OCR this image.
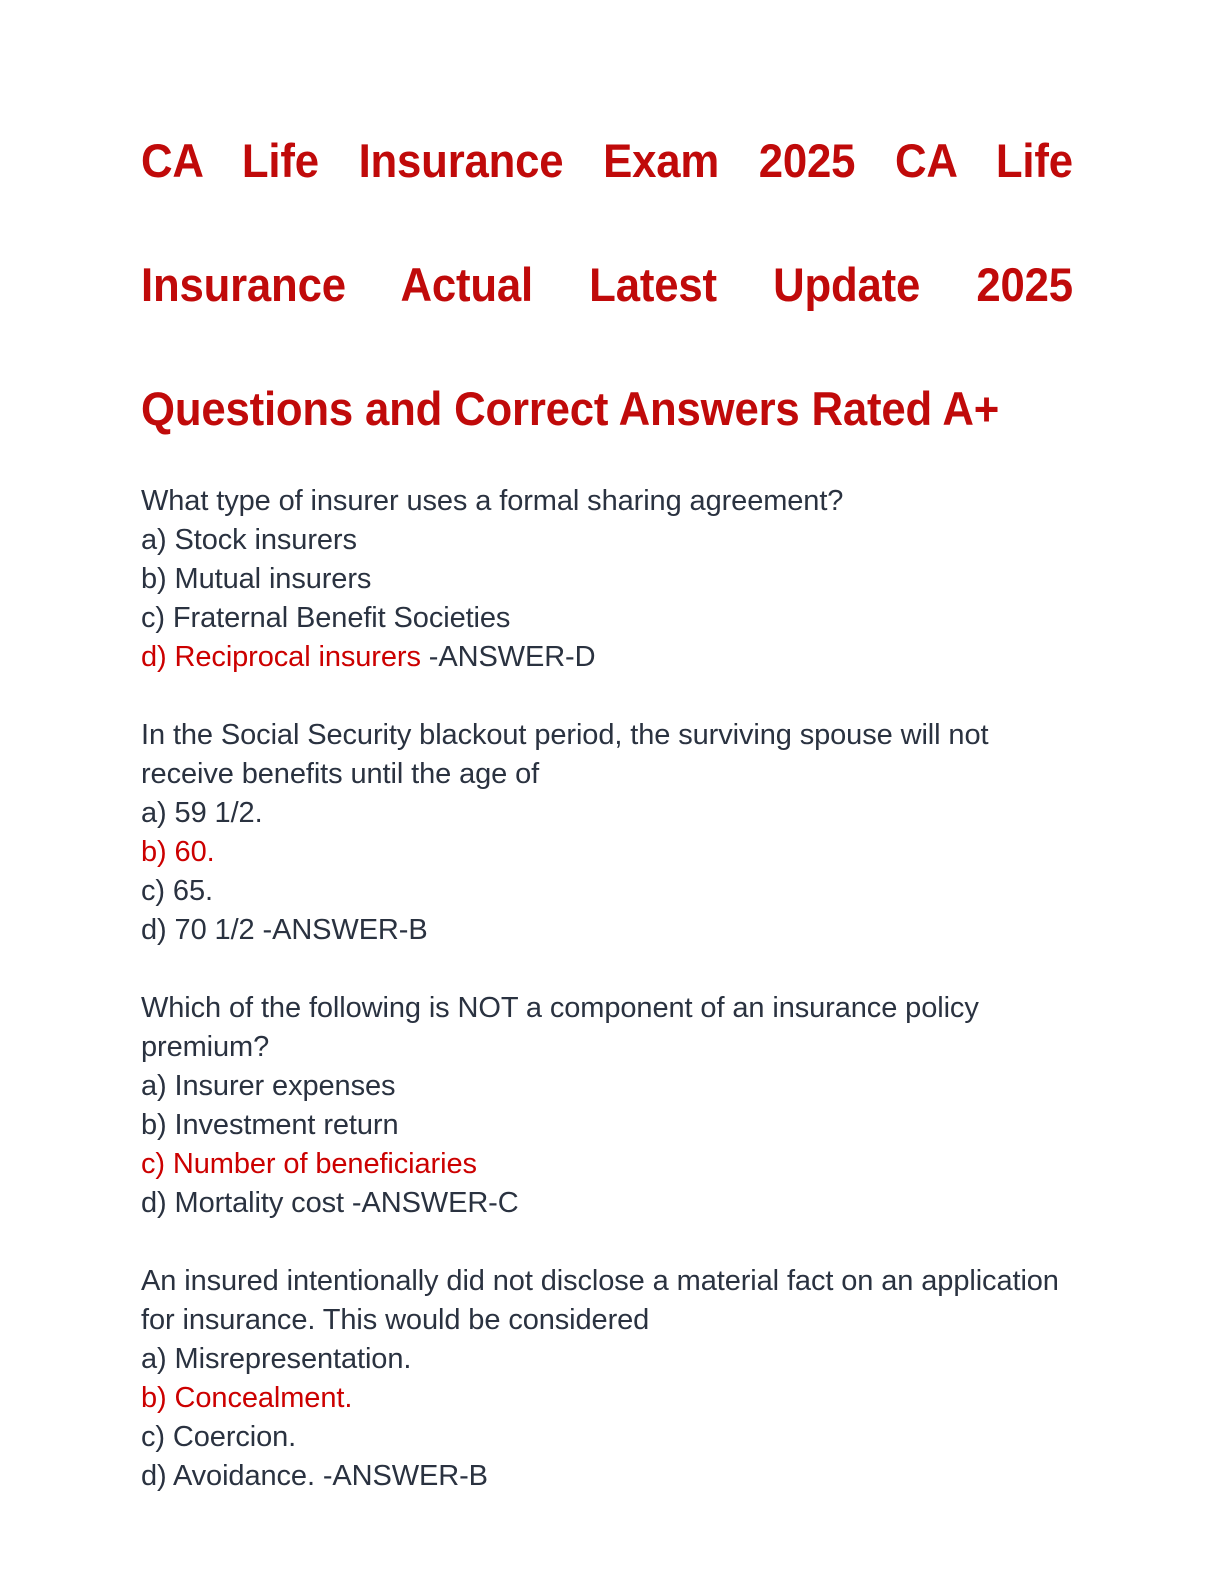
CA Life Insurance Exam 2025 CA Life
Insurance Actual Latest Update 2025
Questions and Correct Answers Rated A+
What type of insurer uses a formal sharing agreement?
a) Stock insurers
b) Mutual insurers
c) Fraternal Benefit Societies
d) Reciprocal insurers -ANSWER-D
In the Social Security blackout period, the surviving spouse will not receive benefits until the age of
a) 59 1/2.
b) 60.
c) 65.
d) 70 1/2 -ANSWER-B
Which of the following is NOT a component of an insurance policy premium?
a) Insurer expenses
b) Investment return
c) Number of beneficiaries
d) Mortality cost -ANSWER-C
An insured intentionally did not disclose a material fact on an application for insurance. This would be considered
a) Misrepresentation.
b) Concealment.
c) Coercion.
d) Avoidance. -ANSWER-B
